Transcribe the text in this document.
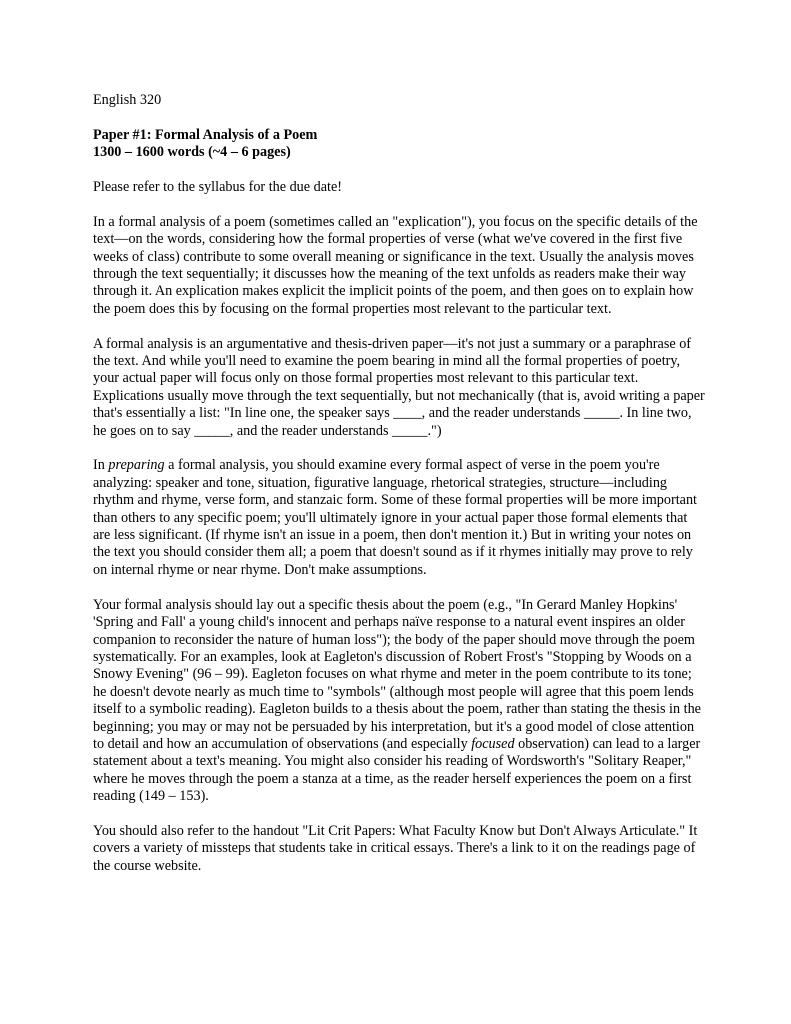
English 320

Paper #1: Formal Analysis of a Poem
1300 – 1600 words (~4 – 6 pages)

Please refer to the syllabus for the due date!

In a formal analysis of a poem (sometimes called an "explication"), you focus on the specific details of the text—on the words, considering how the formal properties of verse (what we've covered in the first five weeks of class) contribute to some overall meaning or significance in the text. Usually the analysis moves through the text sequentially; it discusses how the meaning of the text unfolds as readers make their way through it. An explication makes explicit the implicit points of the poem, and then goes on to explain how the poem does this by focusing on the formal properties most relevant to the particular text.

A formal analysis is an argumentative and thesis-driven paper—it's not just a summary or a paraphrase of the text. And while you'll need to examine the poem bearing in mind all the formal properties of poetry, your actual paper will focus only on those formal properties most relevant to this particular text. Explications usually move through the text sequentially, but not mechanically (that is, avoid writing a paper that's essentially a list: "In line one, the speaker says ____, and the reader understands _____. In line two, he goes on to say _____, and the reader understands _____.")

In preparing a formal analysis, you should examine every formal aspect of verse in the poem you're analyzing: speaker and tone, situation, figurative language, rhetorical strategies, structure—including rhythm and rhyme, verse form, and stanzaic form. Some of these formal properties will be more important than others to any specific poem; you'll ultimately ignore in your actual paper those formal elements that are less significant. (If rhyme isn't an issue in a poem, then don't mention it.) But in writing your notes on the text you should consider them all; a poem that doesn't sound as if it rhymes initially may prove to rely on internal rhyme or near rhyme. Don't make assumptions.

Your formal analysis should lay out a specific thesis about the poem (e.g., "In Gerard Manley Hopkins' 'Spring and Fall' a young child's innocent and perhaps naïve response to a natural event inspires an older companion to reconsider the nature of human loss"); the body of the paper should move through the poem systematically. For an examples, look at Eagleton's discussion of Robert Frost's "Stopping by Woods on a Snowy Evening" (96 – 99). Eagleton focuses on what rhyme and meter in the poem contribute to its tone; he doesn't devote nearly as much time to "symbols" (although most people will agree that this poem lends itself to a symbolic reading). Eagleton builds to a thesis about the poem, rather than stating the thesis in the beginning; you may or may not be persuaded by his interpretation, but it's a good model of close attention to detail and how an accumulation of observations (and especially focused observation) can lead to a larger statement about a text's meaning. You might also consider his reading of Wordsworth's "Solitary Reaper," where he moves through the poem a stanza at a time, as the reader herself experiences the poem on a first reading (149 – 153).

You should also refer to the handout "Lit Crit Papers: What Faculty Know but Don't Always Articulate." It covers a variety of missteps that students take in critical essays. There's a link to it on the readings page of the course website.
